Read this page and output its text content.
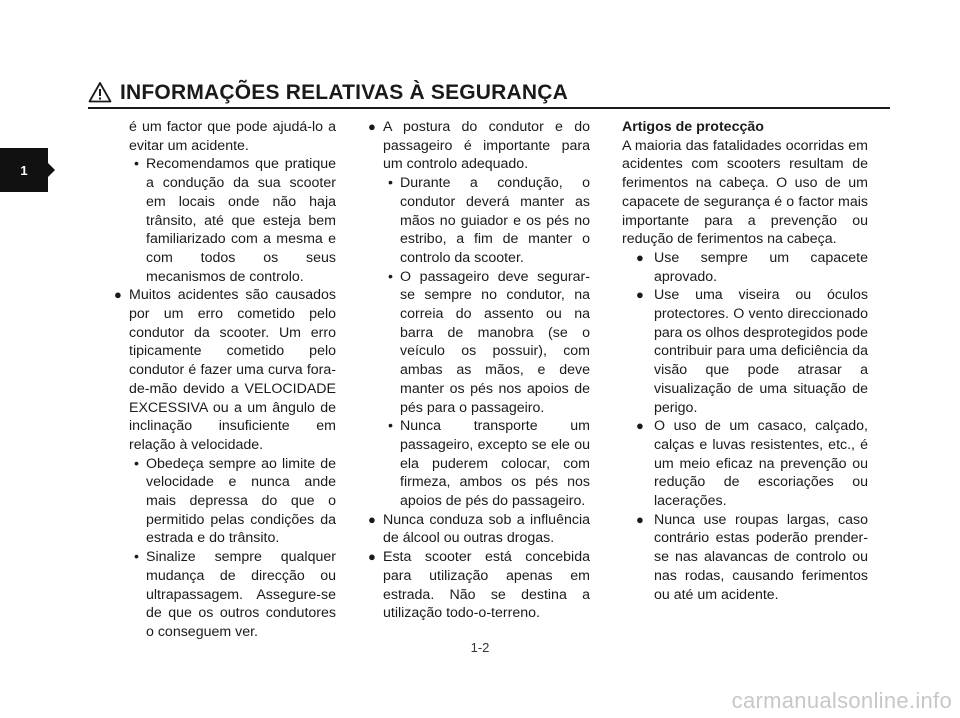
INFORMAÇÕES RELATIVAS À SEGURANÇA
1
é um factor que pode ajudá-lo a evitar um acidente.
• Recomendamos que pratique a condução da sua scooter em locais onde não haja trânsito, até que esteja bem familiarizado com a mesma e com todos os seus mecanismos de controlo.
● Muitos acidentes são causados por um erro cometido pelo condutor da scooter. Um erro tipicamente cometido pelo condutor é fazer uma curva fora-de-mão devido a VELOCIDADE EXCESSIVA ou a um ângulo de inclinação insuficiente em relação à velocidade.
• Obedeça sempre ao limite de velocidade e nunca ande mais depressa do que o permitido pelas condições da estrada e do trânsito.
• Sinalize sempre qualquer mudança de direcção ou ultrapassagem. Assegure-se de que os outros condutores o conseguem ver.
● A postura do condutor e do passageiro é importante para um controlo adequado.
• Durante a condução, o condutor deverá manter as mãos no guiador e os pés no estribo, a fim de manter o controlo da scooter.
• O passageiro deve segurar-se sempre no condutor, na correia do assento ou na barra de manobra (se o veículo os possuir), com ambas as mãos, e deve manter os pés nos apoios de pés para o passageiro.
• Nunca transporte um passageiro, excepto se ele ou ela puderem colocar, com firmeza, ambos os pés nos apoios de pés do passageiro.
● Nunca conduza sob a influência de álcool ou outras drogas.
● Esta scooter está concebida para utilização apenas em estrada. Não se destina a utilização todo-o-terreno.

Artigos de protecção

A maioria das fatalidades ocorridas em acidentes com scooters resultam de ferimentos na cabeça. O uso de um capacete de segurança é o factor mais importante para a prevenção ou redução de ferimentos na cabeça.

● Use sempre um capacete aprovado.
● Use uma viseira ou óculos protectores. O vento direccionado para os olhos desprotegidos pode contribuir para uma deficiência da visão que pode atrasar a visualização de uma situação de perigo.
● O uso de um casaco, calçado, calças e luvas resistentes, etc., é um meio eficaz na prevenção ou redução de escoriações ou lacerações.
● Nunca use roupas largas, caso contrário estas poderão prender-se nas alavancas de controlo ou nas rodas, causando ferimentos ou até um acidente.
1-2
carmanualsonline.info
